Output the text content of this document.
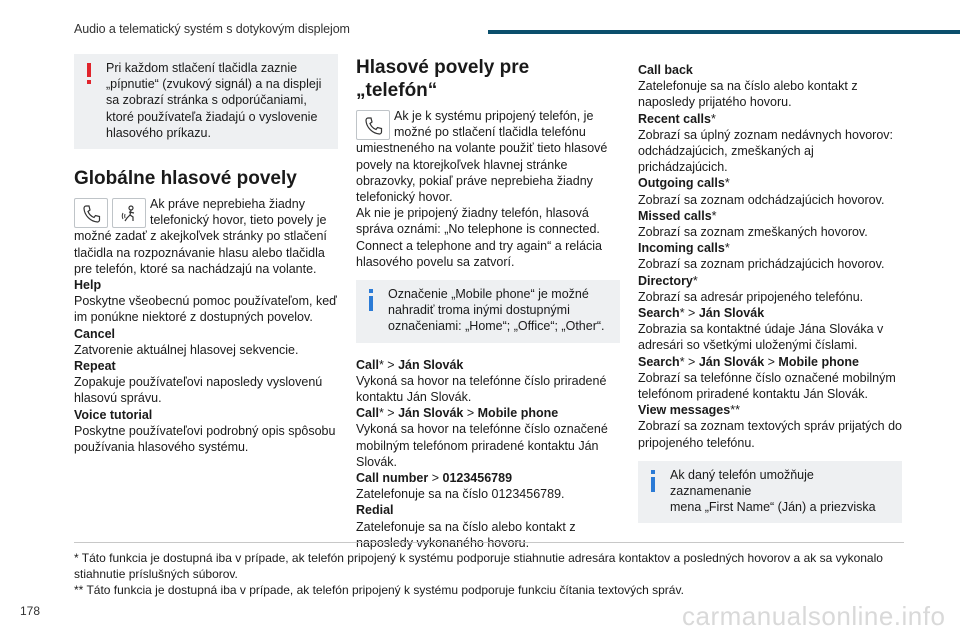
Audio a telematický systém s dotykovým displejom
Pri každom stlačení tlačidla zaznie
„pípnutie“ (zvukový signál) a na displeji sa zobrazí stránka s odporúčaniami, ktoré používateľa žiadajú o vyslovenie hlasového príkazu.
Globálne hlasové povely
Ak práve neprebieha žiadny telefonický hovor, tieto povely je možné zadať z akejkoľvek stránky po stlačení tlačidla na rozpoznávanie hlasu alebo tlačidla pre telefón, ktoré sa nachádzajú na volante.
Help
Poskytne všeobecnú pomoc používateľom, keď im ponúkne niektoré z dostupných povelov.
Cancel
Zatvorenie aktuálnej hlasovej sekvencie.
Repeat
Zopakuje používateľovi naposledy vyslovenú hlasovú správu.
Voice tutorial
Poskytne používateľovi podrobný opis spôsobu používania hlasového systému.
Hlasové povely pre
„telefón“
Ak je k systému pripojený telefón, je možné po stlačení tlačidla telefónu umiestneného na volante použiť tieto hlasové povely na ktorejkoľvek hlavnej stránke obrazovky, pokiaľ práve neprebieha žiadny telefonický hovor.
Ak nie je pripojený žiadny telefón, hlasová správa oznámi: „No telephone is connected. Connect a telephone and try again“ a relácia hlasového povelu sa zatvorí.
Označenie „Mobile phone“ je možné
nahradiť troma inými dostupnými označeniami: „Home“; „Office“; „Other“.
Call* > Ján Slovák
Vykoná sa hovor na telefónne číslo priradené kontaktu Ján Slovák.
Call* > Ján Slovák > Mobile phone
Vykoná sa hovor na telefónne číslo označené mobilným telefónom priradené kontaktu Ján Slovák.
Call number > 0123456789
Zatelefonuje sa na číslo 0123456789.
Redial
Zatelefonuje sa na číslo alebo kontakt z
Call back
Zatelefonuje sa na číslo alebo kontakt z naposledy prijatého hovoru.
Recent calls*
Zobrazí sa úplný zoznam nedávnych hovorov: odchádzajúcich, zmeškaných aj prichádzajúcich.
Outgoing calls*
Zobrazí sa zoznam odchádzajúcich hovorov.
Missed calls*
Zobrazí sa zoznam zmeškaných hovorov.
Incoming calls*
Zobrazí sa zoznam prichádzajúcich hovorov.
Directory*
Zobrazí sa adresár pripojeného telefónu.
Search* > Ján Slovák
Zobrazia sa kontaktné údaje Jána Slováka v adresári so všetkými uloženými číslami.
Search* > Ján Slovák > Mobile phone
Zobrazí sa telefónne číslo označené mobilným telefónom priradené kontaktu Ján Slovák.
View messages**
Zobrazí sa zoznam textových správ prijatých do pripojeného telefónu.
Ak daný telefón umožňuje zaznamenanie
mena „First Name“ (Ján) a priezviska
* Táto funkcia je dostupná iba v prípade, ak telefón pripojený k systému podporuje stiahnutie adresára kontaktov a posledných hovorov a ak sa vykonalo stiahnutie príslušných súborov.
** Táto funkcia je dostupná iba v prípade, ak telefón pripojený k systému podporuje funkciu čítania textových správ.
178	carmanualsonline.info
